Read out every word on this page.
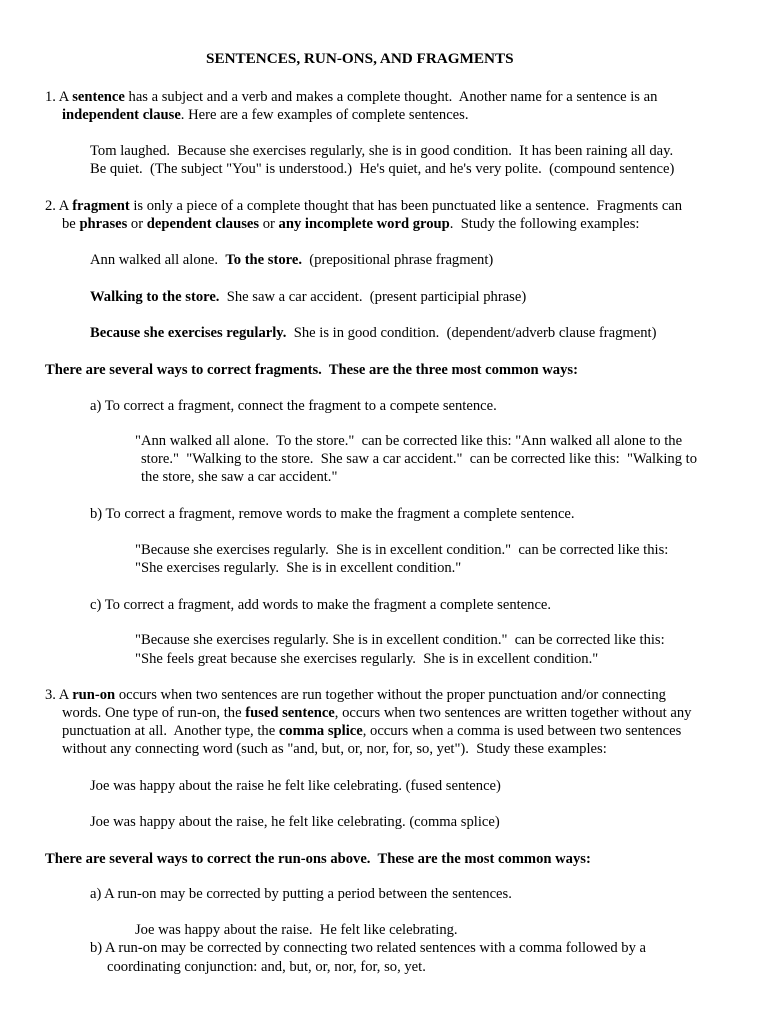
SENTENCES, RUN-ONS, AND FRAGMENTS
1. A sentence has a subject and a verb and makes a complete thought.  Another name for a sentence is an
independent clause. Here are a few examples of complete sentences.
Tom laughed.  Because she exercises regularly, she is in good condition.  It has been raining all day.
Be quiet.  (The subject "You" is understood.)  He's quiet, and he's very polite.  (compound sentence)
2. A fragment is only a piece of a complete thought that has been punctuated like a sentence.  Fragments can
be phrases or dependent clauses or any incomplete word group.  Study the following examples:
Ann walked all alone.  To the store.  (prepositional phrase fragment)
Walking to the store.  She saw a car accident.  (present participial phrase)
Because she exercises regularly.  She is in good condition.  (dependent/adverb clause fragment)
There are several ways to correct fragments.  These are the three most common ways:
a) To correct a fragment, connect the fragment to a compete sentence.
"Ann walked all alone.  To the store."  can be corrected like this: "Ann walked all alone to the
store."  "Walking to the store.  She saw a car accident."  can be corrected like this:  "Walking to
the store, she saw a car accident."
b) To correct a fragment, remove words to make the fragment a complete sentence.
"Because she exercises regularly.  She is in excellent condition."  can be corrected like this:
"She exercises regularly.  She is in excellent condition."
c) To correct a fragment, add words to make the fragment a complete sentence.
"Because she exercises regularly. She is in excellent condition."  can be corrected like this:
"She feels great because she exercises regularly.  She is in excellent condition."
3. A run-on occurs when two sentences are run together without the proper punctuation and/or connecting
words. One type of run-on, the fused sentence, occurs when two sentences are written together without any
punctuation at all.  Another type, the comma splice, occurs when a comma is used between two sentences
without any connecting word (such as "and, but, or, nor, for, so, yet").  Study these examples:
Joe was happy about the raise he felt like celebrating. (fused sentence)
Joe was happy about the raise, he felt like celebrating. (comma splice)
There are several ways to correct the run-ons above.  These are the most common ways:
a) A run-on may be corrected by putting a period between the sentences.
Joe was happy about the raise.  He felt like celebrating.
b) A run-on may be corrected by connecting two related sentences with a comma followed by a
coordinating conjunction: and, but, or, nor, for, so, yet.
